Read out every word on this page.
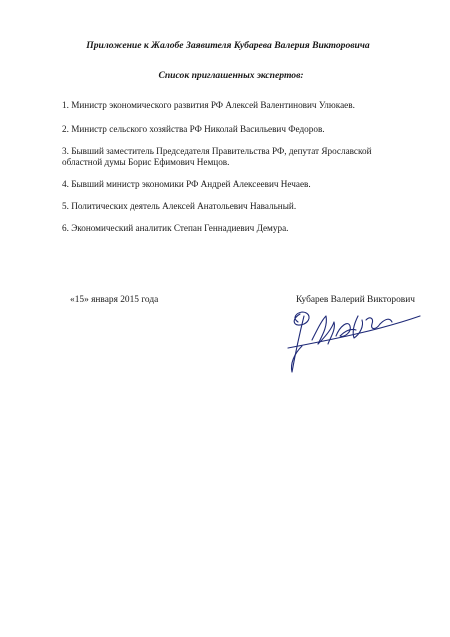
Приложение к Жалобе Заявителя Кубарева Валерия Викторовича
Список приглашенных экспертов:
1. Министр экономического развития РФ Алексей Валентинович Улюкаев.
2. Министр сельского хозяйства РФ Николай Васильевич Федоров.
3. Бывший заместитель Председателя Правительства РФ, депутат Ярославской областной думы Борис Ефимович Немцов.
4. Бывший министр экономики РФ Андрей Алексеевич Нечаев.
5. Политических деятель Алексей Анатольевич Навальный.
6. Экономический аналитик Степан Геннадиевич Демура.
«15» января 2015 года	Кубарев Валерий Викторович
